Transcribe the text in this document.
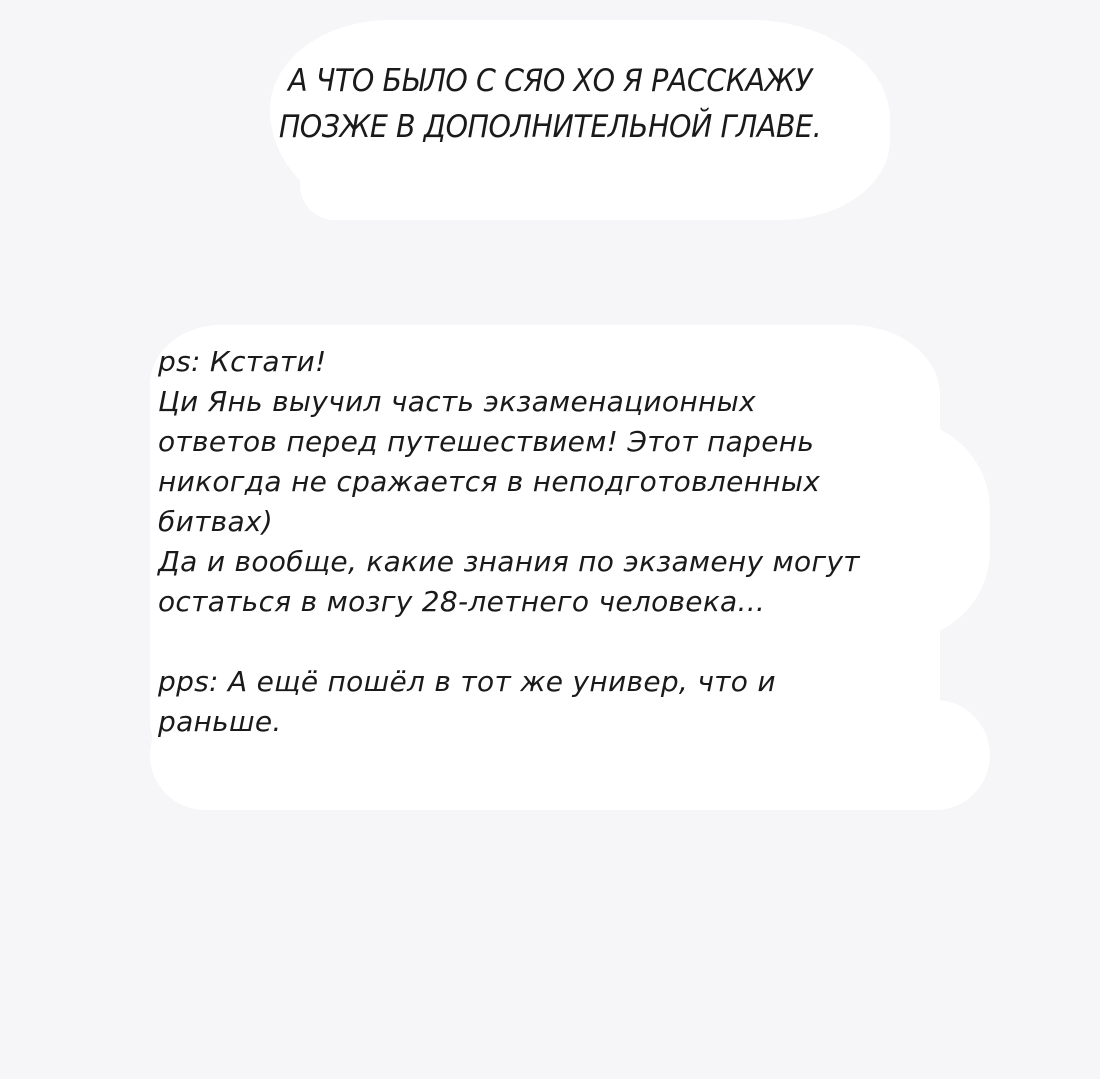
А ЧТО БЫЛО С СЯО ХО Я РАССКАЖУ
ПОЗЖЕ В ДОПОЛНИТЕЛЬНОЙ ГЛАВЕ.
ps: Кстати!
Ци Янь выучил часть экзаменационных
ответов перед путешествием! Этот парень
никогда не сражается в неподготовленных
битвах)
Да и вообще, какие знания по экзамену могут
остаться в мозгу 28-летнего человека...
pps: А ещё пошёл в тот же универ, что и
раньше.
